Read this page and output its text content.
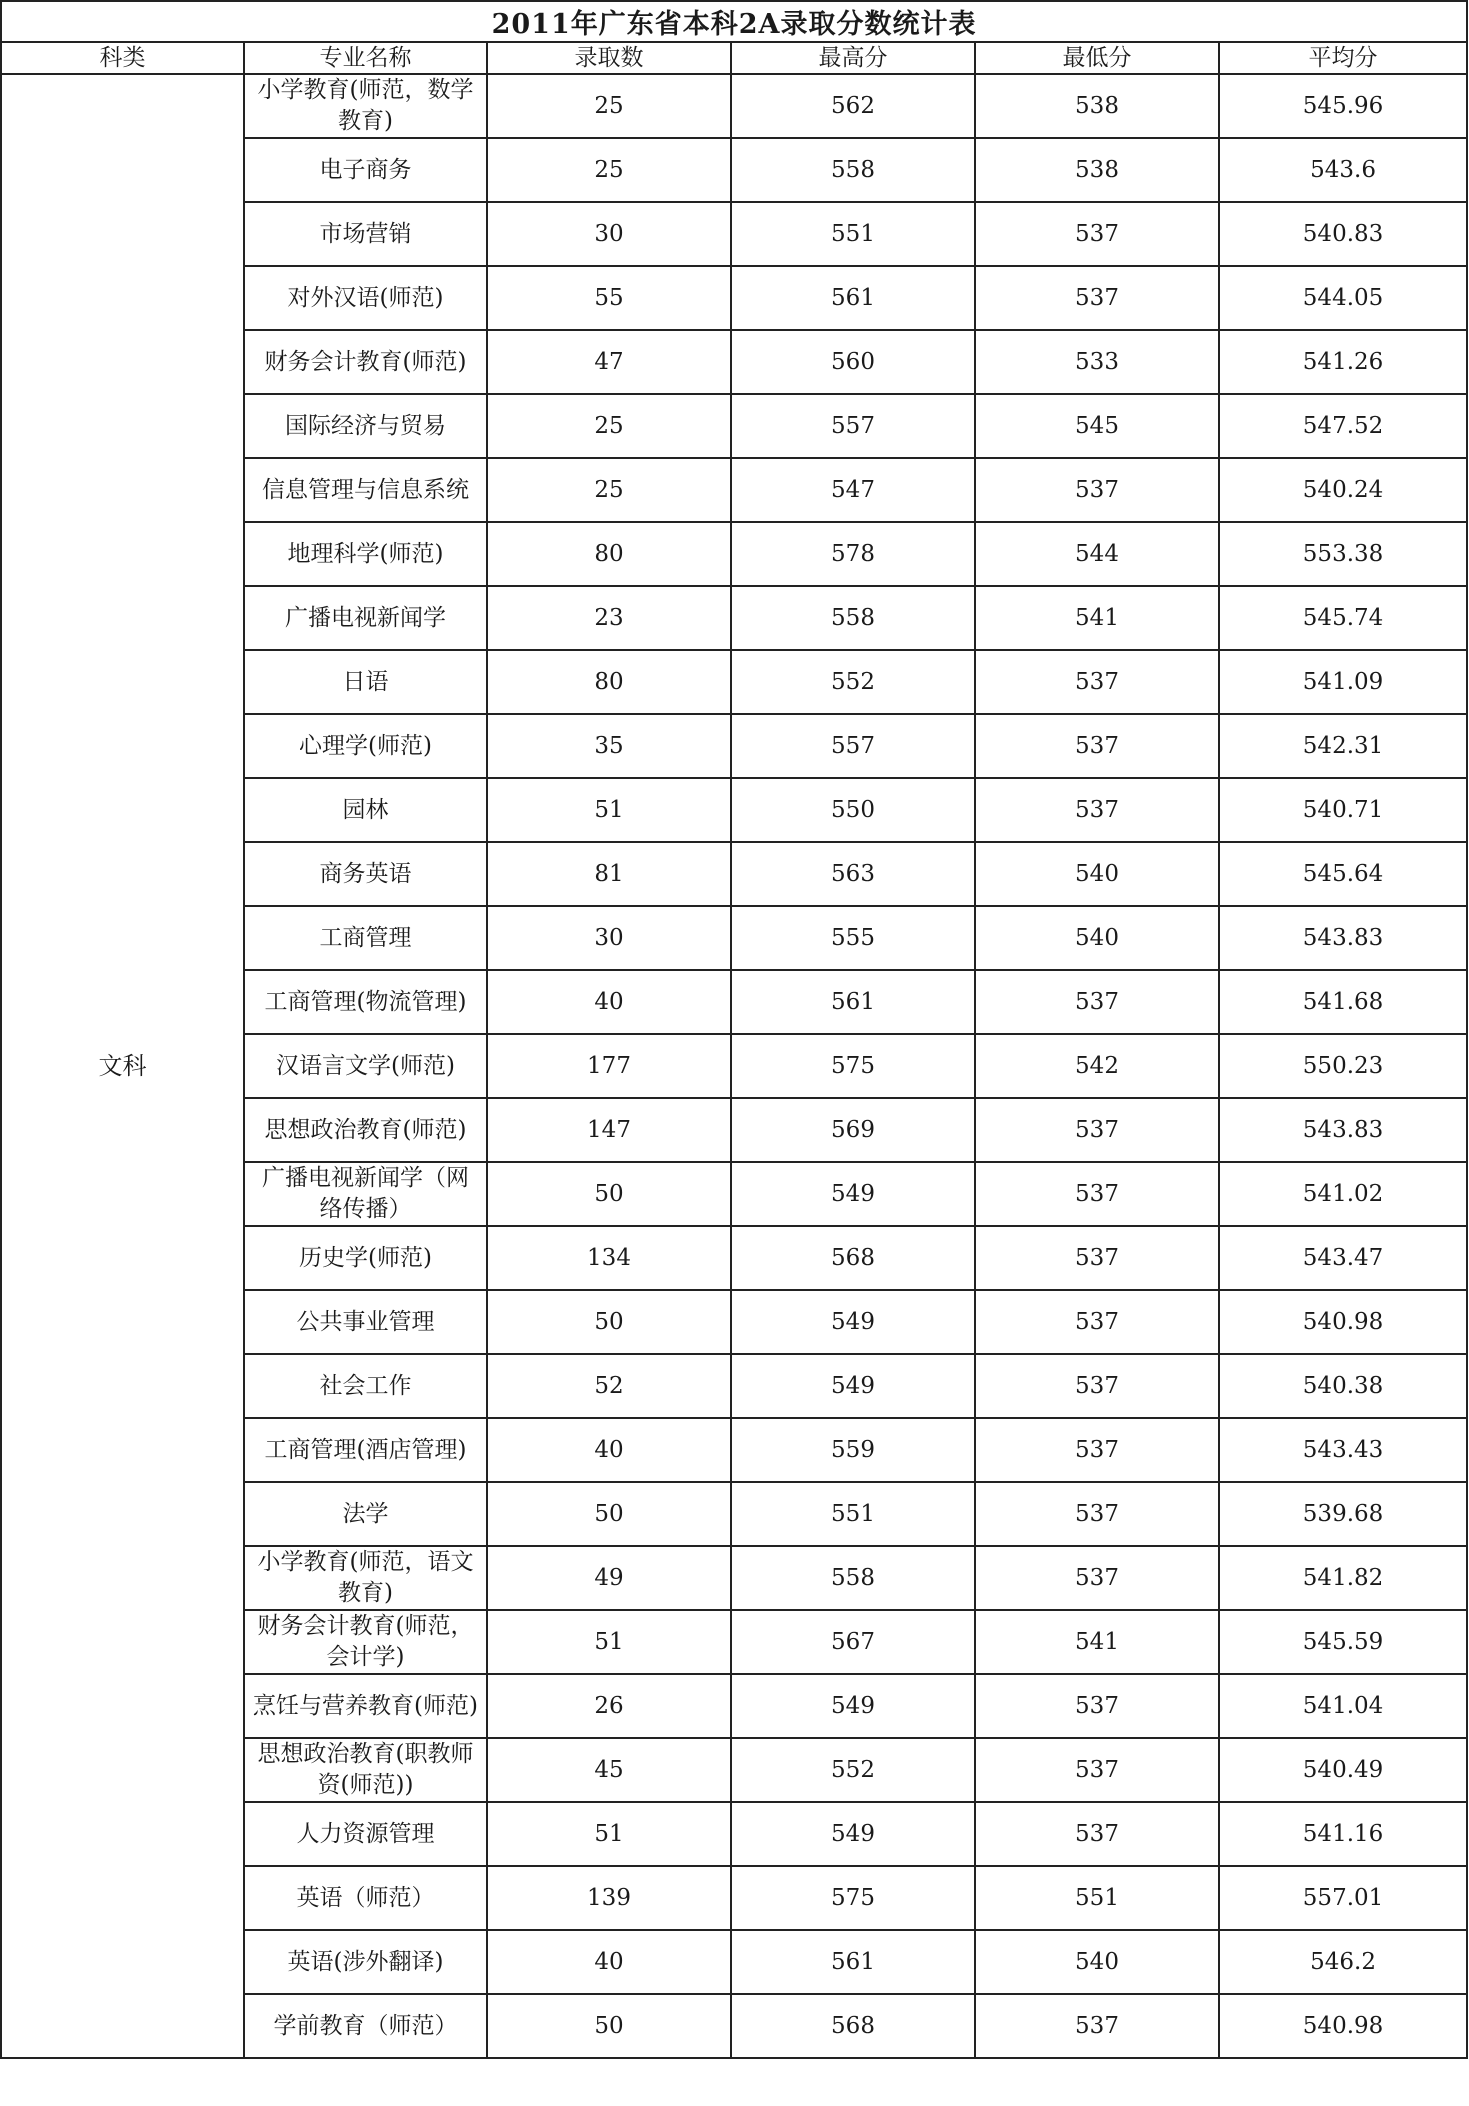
2011年广东省本科2A录取分数统计表					
科类	专业名称	录取数	最高分	最低分	平均分
文科	小学教育(师范，数学教育)	25	562	538	545.96
	电子商务	25	558	538	543.6
	市场营销	30	551	537	540.83
	对外汉语(师范)	55	561	537	544.05
	财务会计教育(师范)	47	560	533	541.26
	国际经济与贸易	25	557	545	547.52
	信息管理与信息系统	25	547	537	540.24
	地理科学(师范)	80	578	544	553.38
	广播电视新闻学	23	558	541	545.74
	日语	80	552	537	541.09
	心理学(师范)	35	557	537	542.31
	园林	51	550	537	540.71
	商务英语	81	563	540	545.64
	工商管理	30	555	540	543.83
	工商管理(物流管理)	40	561	537	541.68
	汉语言文学(师范)	177	575	542	550.23
	思想政治教育(师范)	147	569	537	543.83
	广播电视新闻学（网络传播）	50	549	537	541.02
	历史学(师范)	134	568	537	543.47
	公共事业管理	50	549	537	540.98
	社会工作	52	549	537	540.38
	工商管理(酒店管理)	40	559	537	543.43
	法学	50	551	537	539.68
	小学教育(师范，语文教育)	49	558	537	541.82
	财务会计教育(师范，会计学)	51	567	541	545.59
	烹饪与营养教育(师范)	26	549	537	541.04
	思想政治教育(职教师资(师范))	45	552	537	540.49
	人力资源管理	51	549	537	541.16
	英语（师范）	139	575	551	557.01
	英语(涉外翻译)	40	561	540	546.2
	学前教育（师范）	50	568	537	540.98
